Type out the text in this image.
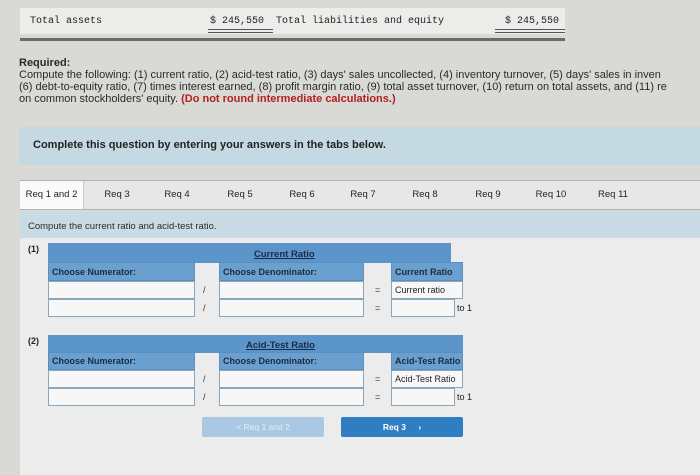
Total assets	$ 245,550 Total liabilities and equity	$ 245,550
Required:
Compute the following: (1) current ratio, (2) acid-test ratio, (3) days' sales uncollected, (4) inventory turnover, (5) days' sales in inven
(6) debt-to-equity ratio, (7) times interest earned, (8) profit margin ratio, (9) total asset turnover, (10) return on total assets, and (11) re
on common stockholders' equity. (Do not round intermediate calculations.)
Complete this question by entering your answers in the tabs below.
Req 1 and 2	Req 3	Req 4	Req 5	Req 6	Req 7	Req 8	Req 9	Req 10	Req 11
Compute the current ratio and acid-test ratio.
(1)	Current Ratio
Choose Numerator:	/ Choose Denominator:	= Current Ratio
/	= Current ratio
/	=	to 1
(2)	Acid-Test Ratio
Choose Numerator:	/ Choose Denominator:	= Acid-Test Ratio
/	= Acid-Test Ratio
/	=	to 1
< Req 1 and 2	Req 3 ›
